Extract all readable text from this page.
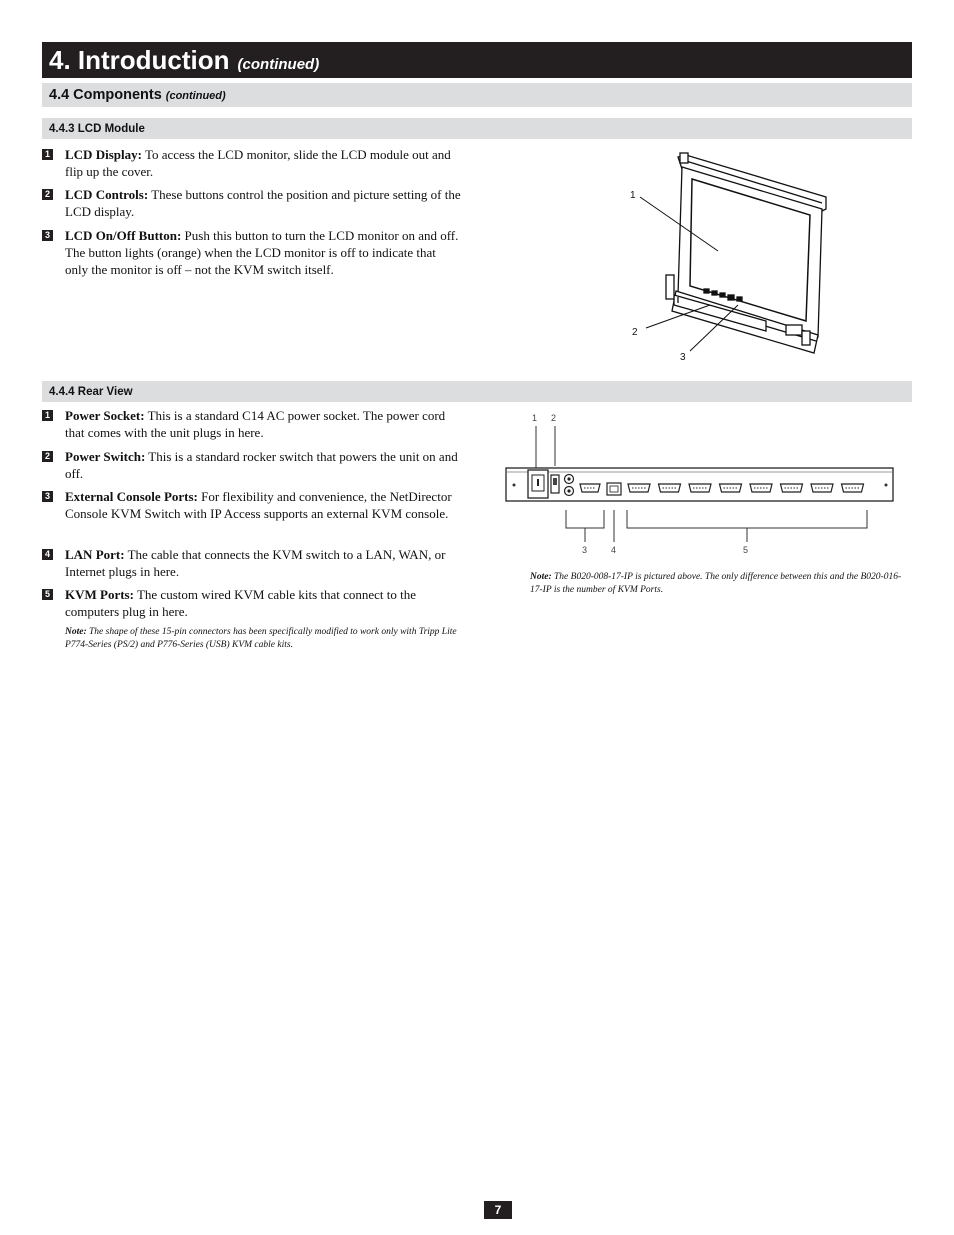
4. Introduction (continued)
4.4 Components (continued)
4.4.3 LCD Module
1 LCD Display: To access the LCD monitor, slide the LCD module out and flip up the cover.
2 LCD Controls: These buttons control the position and picture setting of the LCD display.
3 LCD On/Off Button: Push this button to turn the LCD monitor on and off. The button lights (orange) when the LCD monitor is off to indicate that only the monitor is off – not the KVM switch itself.
1
2
3
4.4.4 Rear View
1 Power Socket: This is a standard C14 AC power socket. The power cord that comes with the unit plugs in here.
2 Power Switch: This is a standard rocker switch that powers the unit on and off.
3 External Console Ports: For flexibility and convenience, the NetDirector Console KVM Switch with IP Access supports an external KVM console.
4 LAN Port: The cable that connects the KVM switch to a LAN, WAN, or Internet plugs in here.
5 KVM Ports: The custom wired KVM cable kits that connect to the computers plug in here.
Note: The shape of these 15-pin connectors has been specifically modified to work only with Tripp Lite P774-Series (PS/2) and P776-Series (USB) KVM cable kits.
1 2
3	4	5
Note: The B020-008-17-IP is pictured above. The only difference between this and the B020-016-17-IP is the number of KVM Ports.
7
